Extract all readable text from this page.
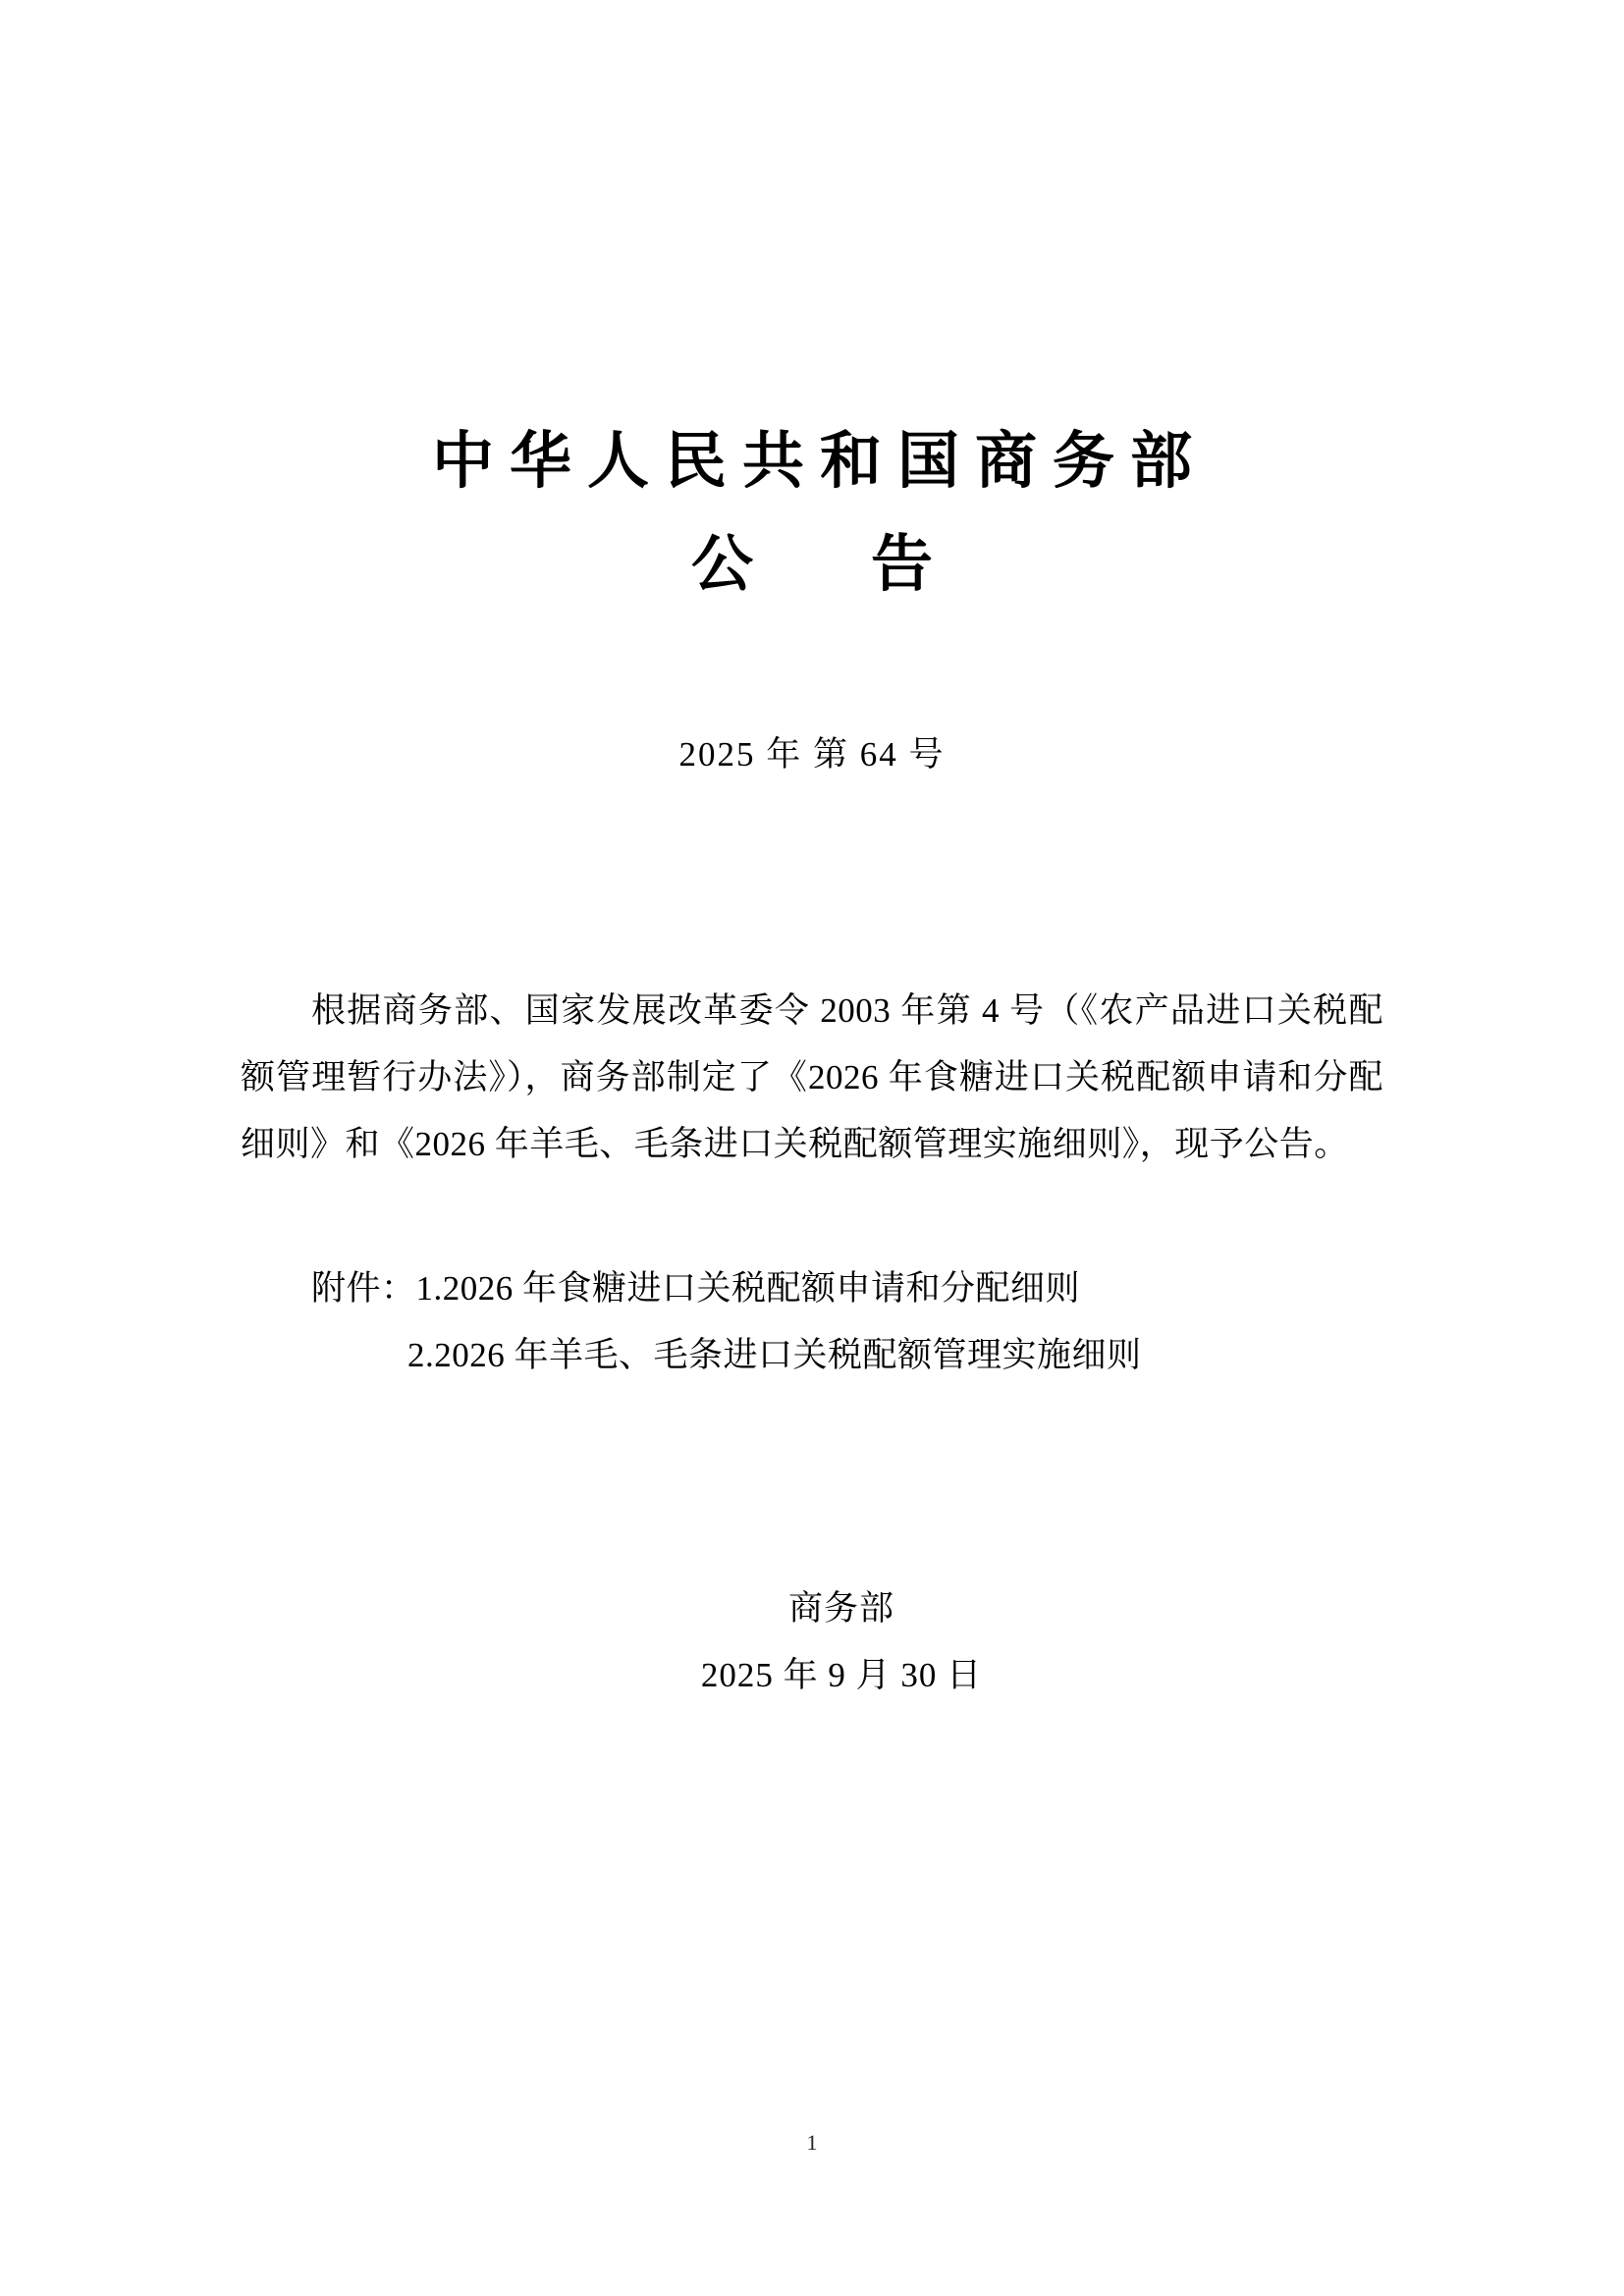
中华人民共和国商务部
公告

2025 年 第 64 号

根据商务部、国家发展改革委令 2003 年第 4 号（《农产品进口关税配额管理暂行办法》），商务部制定了《2026 年食糖进口关税配额申请和分配细则》和《2026 年羊毛、毛条进口关税配额管理实施细则》，现予公告。

附件：1.2026 年食糖进口关税配额申请和分配细则

2.2026 年羊毛、毛条进口关税配额管理实施细则

商务部

2025 年 9 月 30 日

1
